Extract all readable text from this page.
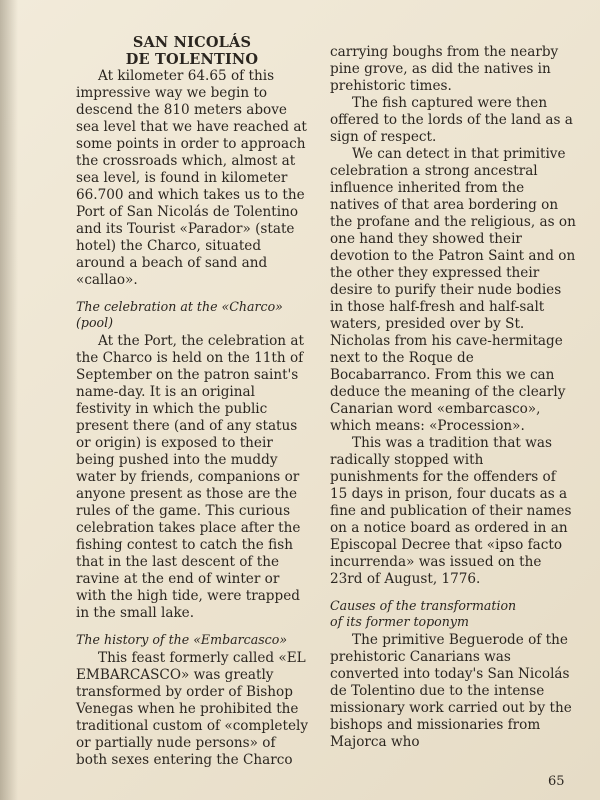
SAN NICOLÁS
DE TOLENTINO

At kilometer 64.65 of this impressive way we begin to descend the 810 meters above sea level that we have reached at some points in order to approach the crossroads which, almost at sea level, is found in kilometer 66.700 and which takes us to the Port of San Nicolás de Tolentino and its Tourist «Parador» (state hotel) the Charco, situated around a beach of sand and «callao».

The celebration at the «Charco» (pool)

At the Port, the celebration at the Charco is held on the 11th of September on the patron saint's name-day. It is an original festivity in which the public present there (and of any status or origin) is exposed to their being pushed into the muddy water by friends, companions or anyone present as those are the rules of the game. This curious celebration takes place after the fishing contest to catch the fish that in the last descent of the ravine at the end of winter or with the high tide, were trapped in the small lake.

The history of the «Embarcasco»

This feast formerly called «EL EMBARCASCO» was greatly transformed by order of Bishop Venegas when he prohibited the traditional custom of «completely or partially nude persons» of both sexes entering the Charco

carrying boughs from the nearby pine grove, as did the natives in prehistoric times.

The fish captured were then offered to the lords of the land as a sign of respect.

We can detect in that primitive celebration a strong ancestral influence inherited from the natives of that area bordering on the profane and the religious, as on one hand they showed their devotion to the Patron Saint and on the other they expressed their desire to purify their nude bodies in those half-fresh and half-salt waters, presided over by St. Nicholas from his cave-hermitage next to the Roque de Bocabarranco. From this we can deduce the meaning of the clearly Canarian word «embarcasco», which means: «Procession».

This was a tradition that was radically stopped with punishments for the offenders of 15 days in prison, four ducats as a fine and publication of their names on a notice board as ordered in an Episcopal Decree that «ipso facto incurrenda» was issued on the 23rd of August, 1776.

Causes of the transformation
of its former toponym

The primitive Beguerode of the prehistoric Canarians was converted into today's San Nicolás de Tolentino due to the intense missionary work carried out by the bishops and missionaries from Majorca who

65
